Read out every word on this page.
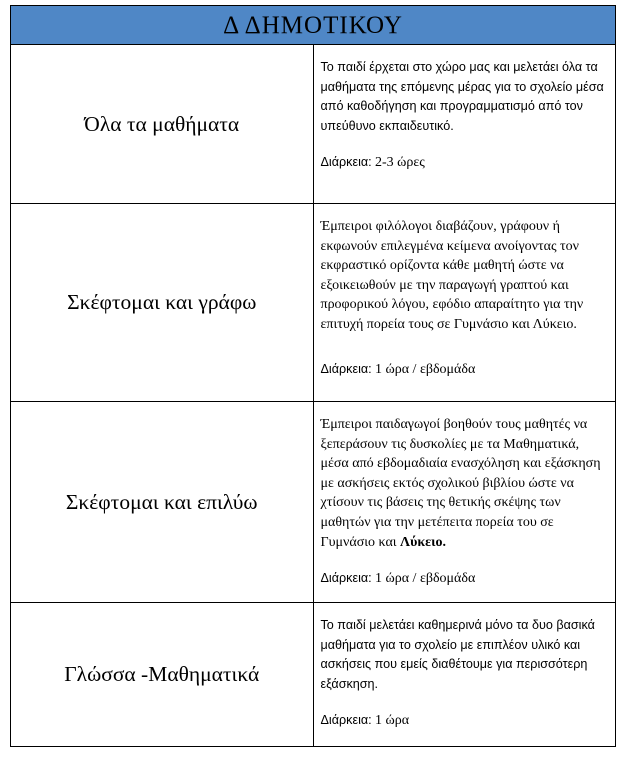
Δ ΔΗΜΟΤΙΚΟΥ	
Όλα τα μαθήματα	Το παιδί έρχεται στο χώρο μας και μελετάει όλα τα μαθήματα της επόμενης μέρας για το σχολείο μέσα από καθοδήγηση και προγραμματισμό από τον υπεύθυνο εκπαιδευτικό.

Διάρκεια: 2-3 ώρες

Σκέφτομαι και γράφω	Έμπειροι φιλόλογοι διαβάζουν, γράφουν ή εκφωνούν επιλεγμένα κείμενα ανοίγοντας τον εκφραστικό ορίζοντα κάθε μαθητή ώστε να εξοικειωθούν με την παραγωγή γραπτού και προφορικού λόγου, εφόδιο απαραίτητο για την επιτυχή πορεία τους σε Γυμνάσιο και Λύκειο.

Διάρκεια: 1 ώρα / εβδομάδα

Σκέφτομαι και επιλύω	Έμπειροι παιδαγωγοί βοηθούν τους μαθητές να ξεπεράσουν τις δυσκολίες με τα Μαθηματικά, μέσα από εβδομαδιαία ενασχόληση και εξάσκηση με ασκήσεις εκτός σχολικού βιβλίου ώστε να χτίσουν τις βάσεις της θετικής σκέψης των μαθητών για την μετέπειτα πορεία του σε Γυμνάσιο και Λύκειο.

Διάρκεια: 1 ώρα / εβδομάδα

Γλώσσα -Μαθηματικά	Το παιδί μελετάει καθημερινά μόνο τα δυο βασικά μαθήματα για το σχολείο με επιπλέον υλικό και ασκήσεις που εμείς διαθέτουμε για περισσότερη εξάσκηση.

Διάρκεια: 1 ώρα
